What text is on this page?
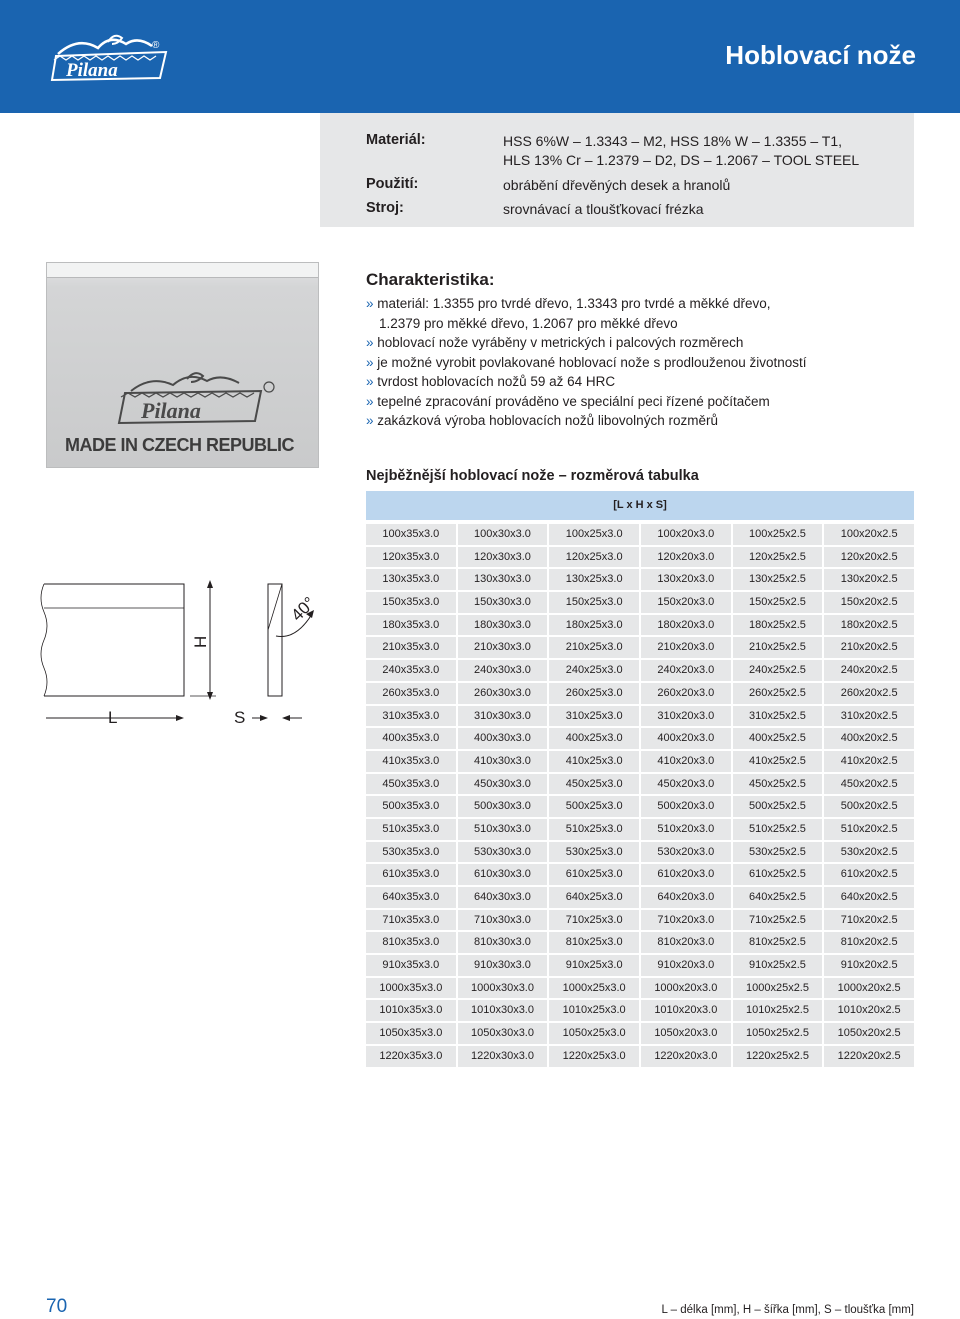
Pilana
®	Hoblovací nože
Materiál:	HSS 6%W – 1.3343 – M2, HSS 18% W – 1.3355 – T1,
HLS 13% Cr – 1.2379 – D2, DS – 1.2067 – TOOL STEEL
Použití:	obrábění dřevěných desek a hranolů
Stroj:	srovnávací a tloušťkovací frézka
Pilana
MADE IN CZECH REPUBLIC
Charakteristika:
» materiál: 1.3355 pro tvrdé dřevo, 1.3343 pro tvrdé a měkké dřevo,
1.2379 pro měkké dřevo, 1.2067 pro měkké dřevo
» hoblovací nože vyráběny v metrických i palcových rozměrech
» je možné vyrobit povlakované hoblovací nože s prodlouženou životností
» tvrdost hoblovacích nožů 59 až 64 HRC
» tepelné zpracování prováděno ve speciální peci řízené počítačem
» zakázková výroba hoblovacích nožů libovolných rozměrů
L
H
S
40°
Nejběžnější hoblovací nože – rozměrová tabulka
[L x H x S]
100x35x3.0	100x30x3.0	100x25x3.0	100x20x3.0	100x25x2.5	100x20x2.5
120x35x3.0	120x30x3.0	120x25x3.0	120x20x3.0	120x25x2.5	120x20x2.5
130x35x3.0	130x30x3.0	130x25x3.0	130x20x3.0	130x25x2.5	130x20x2.5
150x35x3.0	150x30x3.0	150x25x3.0	150x20x3.0	150x25x2.5	150x20x2.5
180x35x3.0	180x30x3.0	180x25x3.0	180x20x3.0	180x25x2.5	180x20x2.5
210x35x3.0	210x30x3.0	210x25x3.0	210x20x3.0	210x25x2.5	210x20x2.5
240x35x3.0	240x30x3.0	240x25x3.0	240x20x3.0	240x25x2.5	240x20x2.5
260x35x3.0	260x30x3.0	260x25x3.0	260x20x3.0	260x25x2.5	260x20x2.5
310x35x3.0	310x30x3.0	310x25x3.0	310x20x3.0	310x25x2.5	310x20x2.5
400x35x3.0	400x30x3.0	400x25x3.0	400x20x3.0	400x25x2.5	400x20x2.5
410x35x3.0	410x30x3.0	410x25x3.0	410x20x3.0	410x25x2.5	410x20x2.5
450x35x3.0	450x30x3.0	450x25x3.0	450x20x3.0	450x25x2.5	450x20x2.5
500x35x3.0	500x30x3.0	500x25x3.0	500x20x3.0	500x25x2.5	500x20x2.5
510x35x3.0	510x30x3.0	510x25x3.0	510x20x3.0	510x25x2.5	510x20x2.5
530x35x3.0	530x30x3.0	530x25x3.0	530x20x3.0	530x25x2.5	530x20x2.5
610x35x3.0	610x30x3.0	610x25x3.0	610x20x3.0	610x25x2.5	610x20x2.5
640x35x3.0	640x30x3.0	640x25x3.0	640x20x3.0	640x25x2.5	640x20x2.5
710x35x3.0	710x30x3.0	710x25x3.0	710x20x3.0	710x25x2.5	710x20x2.5
810x35x3.0	810x30x3.0	810x25x3.0	810x20x3.0	810x25x2.5	810x20x2.5
910x35x3.0	910x30x3.0	910x25x3.0	910x20x3.0	910x25x2.5	910x20x2.5
1000x35x3.0	1000x30x3.0	1000x25x3.0	1000x20x3.0	1000x25x2.5	1000x20x2.5
1010x35x3.0	1010x30x3.0	1010x25x3.0	1010x20x3.0	1010x25x2.5	1010x20x2.5
1050x35x3.0	1050x30x3.0	1050x25x3.0	1050x20x3.0	1050x25x2.5	1050x20x2.5
1220x35x3.0	1220x30x3.0	1220x25x3.0	1220x20x3.0	1220x25x2.5	1220x20x2.5
70	L – délka [mm], H – šířka [mm], S – tloušťka [mm]
